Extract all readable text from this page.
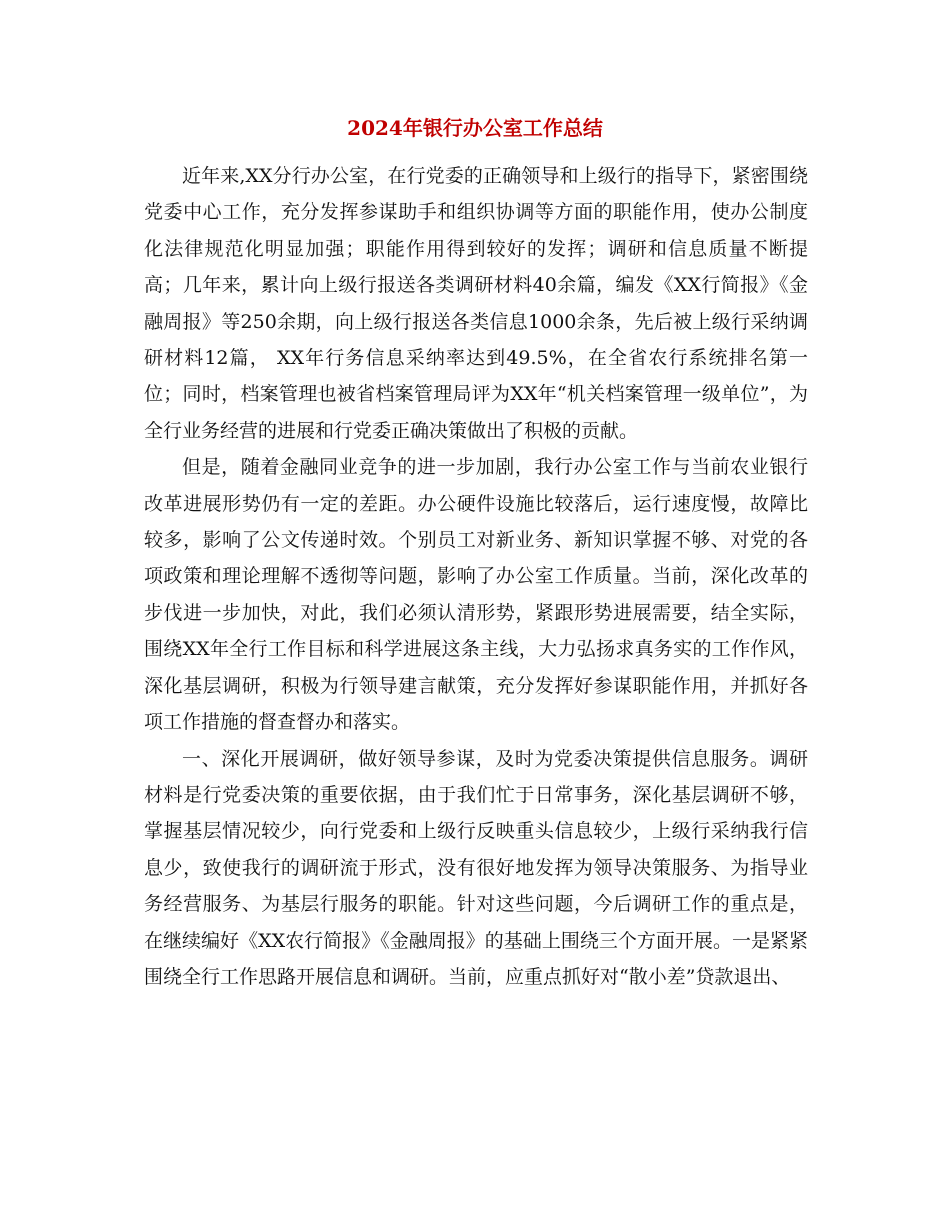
2024年银行办公室工作总结

近年来,XX分行办公室，在行党委的正确领导和上级行的指导下，紧密围绕党委中心工作，充分发挥参谋助手和组织协调等方面的职能作用，使办公制度化法律规范化明显加强；职能作用得到较好的发挥；调研和信息质量不断提高；几年来，累计向上级行报送各类调研材料40余篇，编发《XX行简报》《金融周报》等250余期，向上级行报送各类信息1000余条，先后被上级行采纳调研材料12篇， XX年行务信息采纳率达到49.5%，在全省农行系统排名第一位；同时，档案管理也被省档案管理局评为XX年“机关档案管理一级单位”，为全行业务经营的进展和行党委正确决策做出了积极的贡献。

但是，随着金融同业竞争的进一步加剧，我行办公室工作与当前农业银行改革进展形势仍有一定的差距。办公硬件设施比较落后，运行速度慢，故障比较多，影响了公文传递时效。个别员工对新业务、新知识掌握不够、对党的各项政策和理论理解不透彻等问题，影响了办公室工作质量。当前，深化改革的步伐进一步加快，对此，我们必须认清形势，紧跟形势进展需要，结全实际，围绕XX年全行工作目标和科学进展这条主线，大力弘扬求真务实的工作作风，深化基层调研，积极为行领导建言献策，充分发挥好参谋职能作用，并抓好各项工作措施的督查督办和落实。

一、深化开展调研，做好领导参谋，及时为党委决策提供信息服务。调研材料是行党委决策的重要依据，由于我们忙于日常事务，深化基层调研不够，掌握基层情况较少，向行党委和上级行反映重头信息较少，上级行采纳我行信息少，致使我行的调研流于形式，没有很好地发挥为领导决策服务、为指导业务经营服务、为基层行服务的职能。针对这些问题，今后调研工作的重点是，在继续编好《XX农行简报》《金融周报》的基础上围绕三个方面开展。一是紧紧围绕全行工作思路开展信息和调研。当前，应重点抓好对“散小差”贷款退出、
